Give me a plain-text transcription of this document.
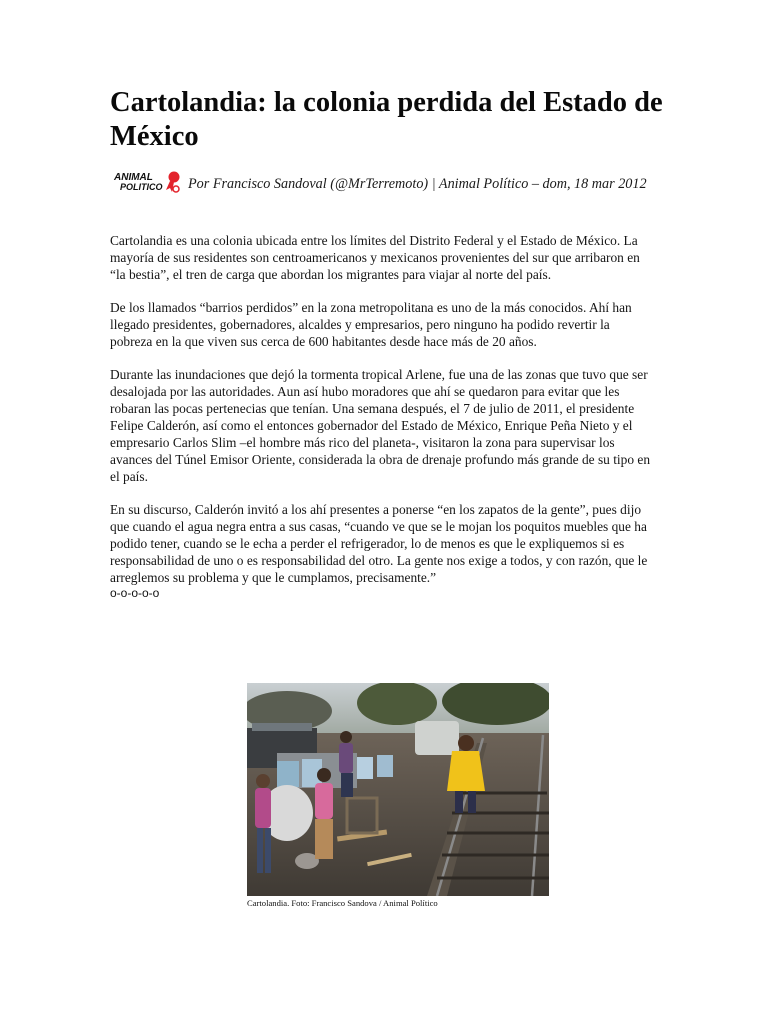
Cartolandia: la colonia perdida del Estado de México
ANIMAL
POLITICO Por Francisco Sandoval (@MrTerremoto) | Animal Político – dom, 18 mar 2012

Cartolandia es una colonia ubicada entre los límites del Distrito Federal y el Estado de México. La mayoría de sus residentes son centroamericanos y mexicanos provenientes del sur que arribaron en “la bestia”, el tren de carga que abordan los migrantes para viajar al norte del país.

De los llamados “barrios perdidos” en la zona metropolitana es uno de la más conocidos. Ahí han llegado presidentes, gobernadores, alcaldes y empresarios, pero ninguno ha podido revertir la pobreza en la que viven sus cerca de 600 habitantes desde hace más de 20 años.

Durante las inundaciones que dejó la tormenta tropical Arlene, fue una de las zonas que tuvo que ser desalojada por las autoridades. Aun así hubo moradores que ahí se quedaron para evitar que les robaran las pocas pertenecias que tenían. Una semana después, el 7 de julio de 2011, el presidente Felipe Calderón, así como el entonces gobernador del Estado de México, Enrique Peña Nieto y el empresario Carlos Slim –el hombre más rico del planeta-, visitaron la zona para supervisar los avances del Túnel Emisor Oriente, considerada la obra de drenaje profundo más grande de su tipo en el país.

En su discurso, Calderón invitó a los ahí presentes a ponerse “en los zapatos de la gente”, pues dijo que cuando el agua negra entra a sus casas, “cuando ve que se le mojan los poquitos muebles que ha podido tener, cuando se le echa a perder el refrigerador, lo de menos es que le expliquemos si es responsabilidad de uno o es responsabilidad del otro. La gente nos exige a todos, y con razón, que le arreglemos su problema y que le cumplamos, precisamente.”

o-o-o-o-o
Cartolandia. Foto: Francisco Sandova / Animal Político
